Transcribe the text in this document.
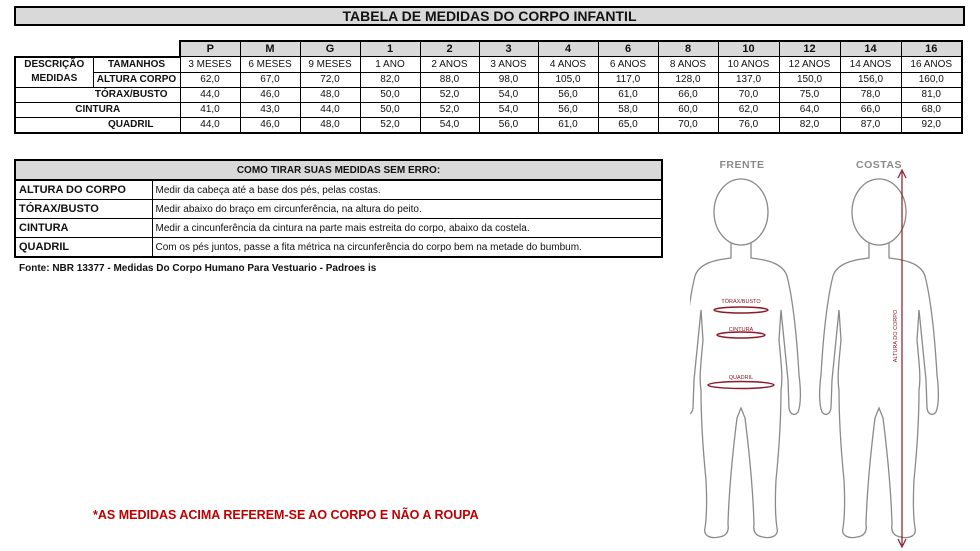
TABELA DE MEDIDAS DO CORPO INFANTIL
		P	M	G	1	2	3	4	6	8	10	12	14	16
DESCRIÇÃO MEDIDAS	TAMANHOS	3 MESES	6 MESES	9 MESES	1 ANO	2 ANOS	3 ANOS	4 ANOS	6 ANOS	8 ANOS	10 ANOS	12 ANOS	14 ANOS	16 ANOS
	ALTURA CORPO	62,0	67,0	72,0	82,0	88,0	98,0	105,0	117,0	128,0	137,0	150,0	156,0	160,0
TÓRAX/BUSTO		44,0	46,0	48,0	50,0	52,0	54,0	56,0	61,0	66,0	70,0	75,0	78,0	81,0
CINTURA		41,0	43,0	44,0	50,0	52,0	54,0	56,0	58,0	60,0	62,0	64,0	66,0	68,0
QUADRIL		44,0	46,0	48,0	52,0	54,0	56,0	61,0	65,0	70,0	76,0	82,0	87,0	92,0
COMO TIRAR SUAS MEDIDAS SEM ERRO:	
ALTURA DO CORPO	Medir da cabeça até a base dos pés, pelas costas.
TÓRAX/BUSTO	Medir abaixo do braço em circunferência, na altura do peito.
CINTURA	Medir a cincunferência da cintura na parte mais estreita do corpo, abaixo da costela.
QUADRIL	Com os pés juntos, passe a fita métrica na circunferência do corpo bem na metade do bumbum.
Fonte: NBR 13377 - Medidas Do Corpo Humano Para Vestuario - Padroes is
*AS MEDIDAS ACIMA REFEREM-SE AO CORPO E NÃO A ROUPA
FRENTE	COSTAS
TÓRAX/BUSTO
CINTURA
QUADRIL
ALTURA DO CORPO
